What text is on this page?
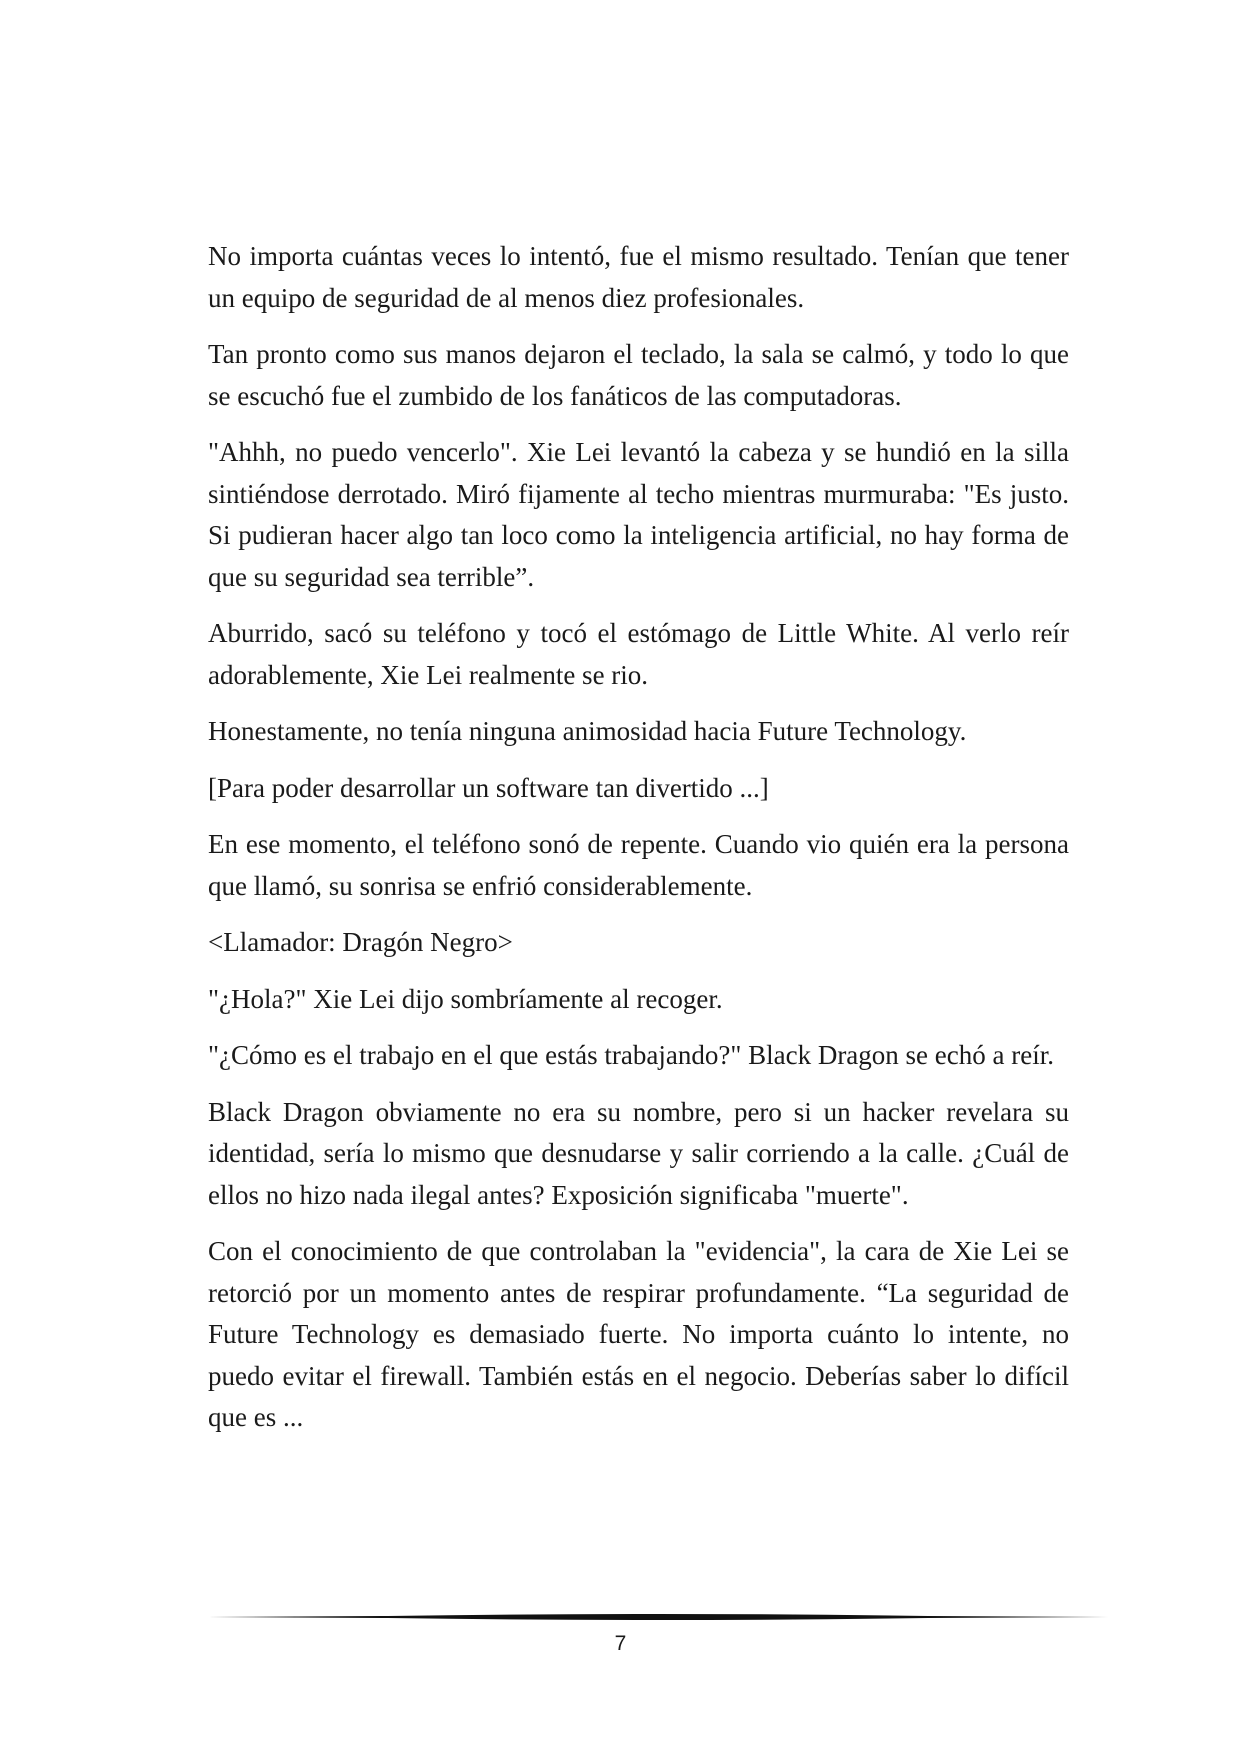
No importa cuántas veces lo intentó, fue el mismo resultado. Tenían que tener un equipo de seguridad de al menos diez profesionales.

Tan pronto como sus manos dejaron el teclado, la sala se calmó, y todo lo que se escuchó fue el zumbido de los fanáticos de las computadoras.

"Ahhh, no puedo vencerlo". Xie Lei levantó la cabeza y se hundió en la silla sintiéndose derrotado. Miró fijamente al techo mientras murmuraba: "Es justo. Si pudieran hacer algo tan loco como la inteligencia artificial, no hay forma de que su seguridad sea terrible”.

Aburrido, sacó su teléfono y tocó el estómago de Little White. Al verlo reír adorablemente, Xie Lei realmente se rio.

Honestamente, no tenía ninguna animosidad hacia Future Technology.

[Para poder desarrollar un software tan divertido ...]

En ese momento, el teléfono sonó de repente. Cuando vio quién era la persona que llamó, su sonrisa se enfrió considerablemente.

<Llamador: Dragón Negro>

"¿Hola?" Xie Lei dijo sombríamente al recoger.

"¿Cómo es el trabajo en el que estás trabajando?" Black Dragon se echó a reír.

Black Dragon obviamente no era su nombre, pero si un hacker revelara su identidad, sería lo mismo que desnudarse y salir corriendo a la calle. ¿Cuál de ellos no hizo nada ilegal antes? Exposición significaba "muerte".

Con el conocimiento de que controlaban la "evidencia", la cara de Xie Lei se retorció por un momento antes de respirar profundamente. “La seguridad de Future Technology es demasiado fuerte. No importa cuánto lo intente, no puedo evitar el firewall. También estás en el negocio. Deberías saber lo difícil que es ...

7
